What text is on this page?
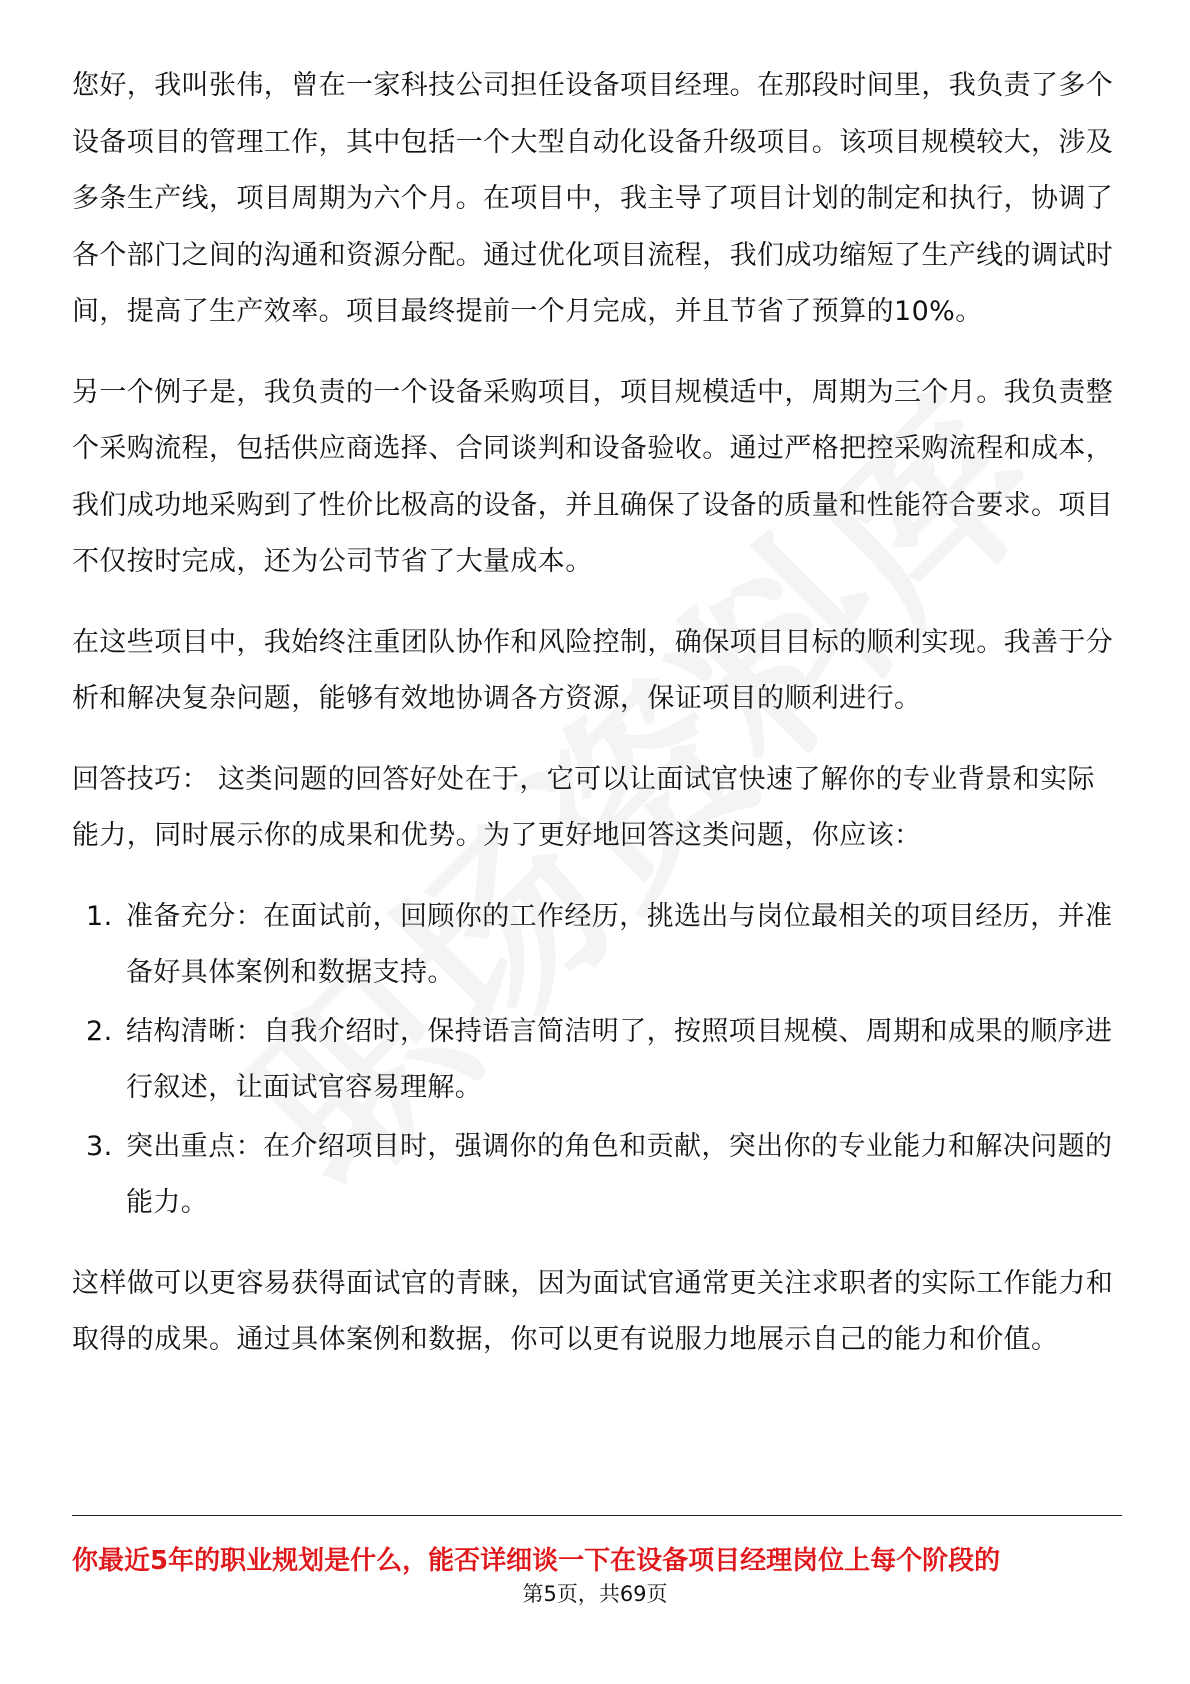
您好，我叫张伟，曾在一家科技公司担任设备项目经理。在那段时间里，我负责了多个设备项目的管理工作，其中包括一个大型自动化设备升级项目。该项目规模较大，涉及多条生产线，项目周期为六个月。在项目中，我主导了项目计划的制定和执行，协调了各个部门之间的沟通和资源分配。通过优化项目流程，我们成功缩短了生产线的调试时间，提高了生产效率。项目最终提前一个月完成，并且节省了预算的10%。

另一个例子是，我负责的一个设备采购项目，项目规模适中，周期为三个月。我负责整个采购流程，包括供应商选择、合同谈判和设备验收。通过严格把控采购流程和成本，我们成功地采购到了性价比极高的设备，并且确保了设备的质量和性能符合要求。项目不仅按时完成，还为公司节省了大量成本。

在这些项目中，我始终注重团队协作和风险控制，确保项目目标的顺利实现。我善于分析和解决复杂问题，能够有效地协调各方资源，保证项目的顺利进行。

回答技巧： 这类问题的回答好处在于，它可以让面试官快速了解你的专业背景和实际能力，同时展示你的成果和优势。为了更好地回答这类问题，你应该：

1. 准备充分：在面试前，回顾你的工作经历，挑选出与岗位最相关的项目经历，并准备好具体案例和数据支持。
2. 结构清晰：自我介绍时，保持语言简洁明了，按照项目规模、周期和成果的顺序进行叙述，让面试官容易理解。
3. 突出重点：在介绍项目时，强调你的角色和贡献，突出你的专业能力和解决问题的能力。

这样做可以更容易获得面试官的青睐，因为面试官通常更关注求职者的实际工作能力和取得的成果。通过具体案例和数据，你可以更有说服力地展示自己的能力和价值。

你最近5年的职业规划是什么，能否详细谈一下在设备项目经理岗位上每个阶段的
第5页，共69页
